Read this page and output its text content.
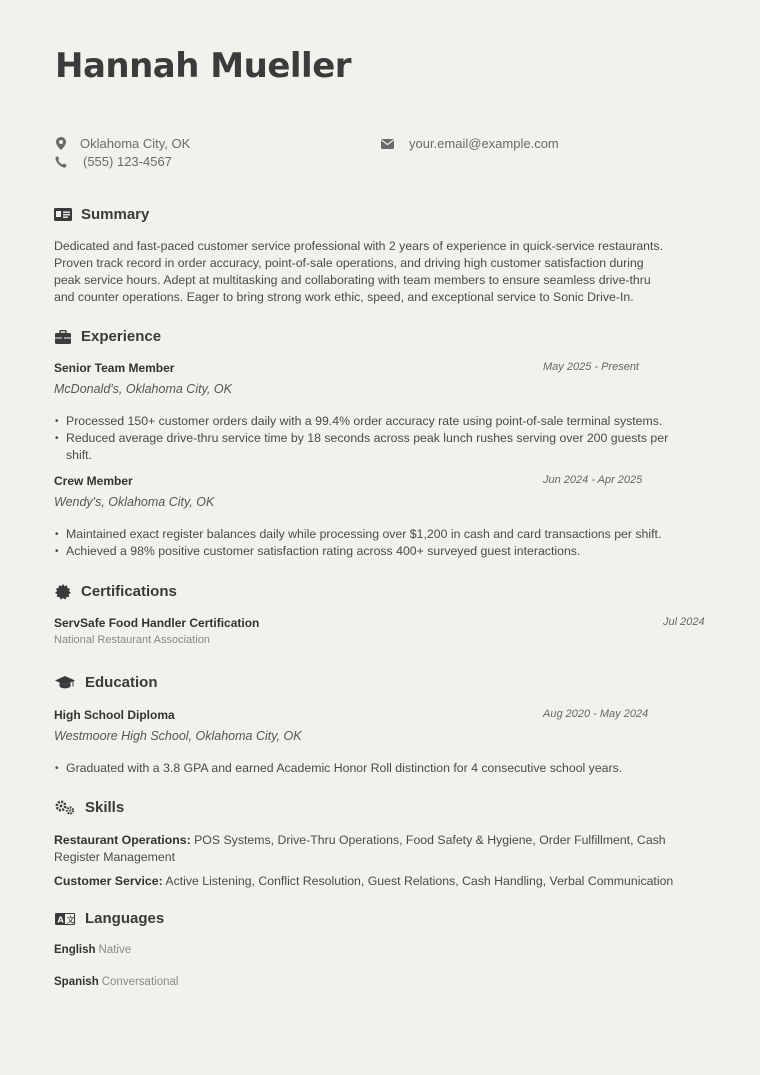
Hannah Mueller
Oklahoma City, OK	your.email@example.com
(555) 123-4567
Summary
Dedicated and fast-paced customer service professional with 2 years of experience in quick-service restaurants.
Proven track record in order accuracy, point-of-sale operations, and driving high customer satisfaction during
peak service hours. Adept at multitasking and collaborating with team members to ensure seamless drive-thru
and counter operations. Eager to bring strong work ethic, speed, and exceptional service to Sonic Drive-In.
Experience
Senior Team Member	May 2025 - Present
McDonald's, Oklahoma City, OK
• Processed 150+ customer orders daily with a 99.4% order accuracy rate using point-of-sale terminal systems.
• Reduced average drive-thru service time by 18 seconds across peak lunch rushes serving over 200 guests per
shift.
Crew Member	Jun 2024 - Apr 2025
Wendy's, Oklahoma City, OK
• Maintained exact register balances daily while processing over $1,200 in cash and card transactions per shift.
• Achieved a 98% positive customer satisfaction rating across 400+ surveyed guest interactions.
Certifications
ServSafe Food Handler Certification	Jul 2024
National Restaurant Association
Education
High School Diploma	Aug 2020 - May 2024
Westmoore High School, Oklahoma City, OK
• Graduated with a 3.8 GPA and earned Academic Honor Roll distinction for 4 consecutive school years.
Skills
Restaurant Operations: POS Systems, Drive-Thru Operations, Food Safety & Hygiene, Order Fulfillment, Cash
Register Management
Customer Service: Active Listening, Conflict Resolution, Guest Relations, Cash Handling, Verbal Communication
A 文 Languages
English Native
Spanish Conversational
